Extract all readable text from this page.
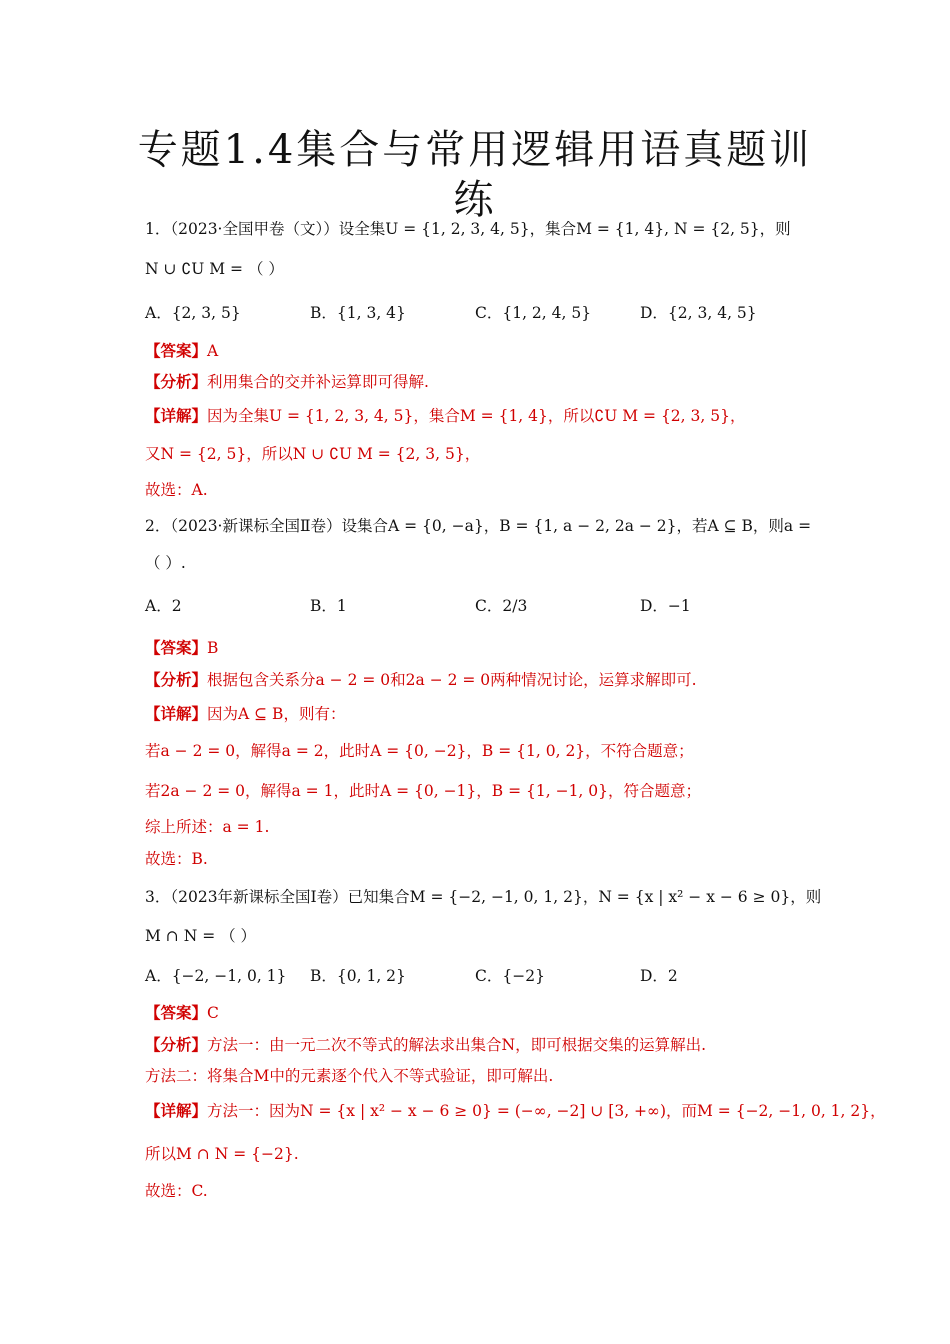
专题1.4集合与常用逻辑用语真题训
练
1．（2023·全国甲卷（文））设全集U = {1, 2, 3, 4, 5}，集合M = {1, 4}, N = {2, 5}，则
N ∪ ∁U M = （ ）
A．{2, 3, 5}	B．{1, 3, 4}	C．{1, 2, 4, 5}	D．{2, 3, 4, 5}
【答案】A
【分析】利用集合的交并补运算即可得解.
【详解】因为全集U = {1, 2, 3, 4, 5}，集合M = {1, 4}，所以∁U M = {2, 3, 5}，
又N = {2, 5}，所以N ∪ ∁U M = {2, 3, 5}，
故选：A.
2．（2023·新课标全国Ⅱ卷）设集合A = {0, −a}，B = {1, a − 2, 2a − 2}，若A ⊆ B，则a =
（ ）.
A．2	B．1	C．2/3	D．−1
【答案】B
【分析】根据包含关系分a − 2 = 0和2a − 2 = 0两种情况讨论，运算求解即可.
【详解】因为A ⊆ B，则有：
若a − 2 = 0，解得a = 2，此时A = {0, −2}，B = {1, 0, 2}，不符合题意；
若2a − 2 = 0，解得a = 1，此时A = {0, −1}，B = {1, −1, 0}，符合题意；
综上所述：a = 1.
故选：B.
3．（2023年新课标全国Ⅰ卷）已知集合M = {−2, −1, 0, 1, 2}，N = {x | x² − x − 6 ≥ 0}，则
M ∩ N = （ ）
A．{−2, −1, 0, 1} B．{0, 1, 2}	C．{−2}	D．2
【答案】C
【分析】方法一：由一元二次不等式的解法求出集合N，即可根据交集的运算解出.
方法二：将集合M中的元素逐个代入不等式验证，即可解出.
【详解】方法一：因为N = {x | x² − x − 6 ≥ 0} = (−∞, −2] ∪ [3, +∞)，而M = {−2, −1, 0, 1, 2}，
所以M ∩ N = {−2}.
故选：C.
